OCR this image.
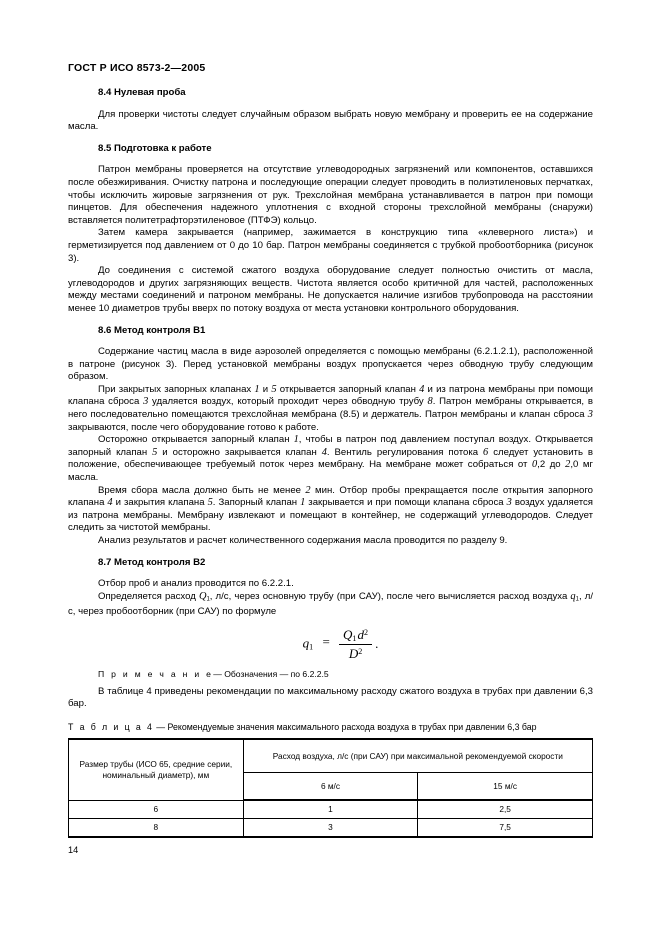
ГОСТ Р ИСО 8573-2—2005
8.4 Нулевая проба

Для проверки чистоты следует случайным образом выбрать новую мембрану и проверить ее на содержание масла.

8.5 Подготовка к работе

Патрон мембраны проверяется на отсутствие углеводородных загрязнений или компонентов, оставшихся после обезжиривания. Очистку патрона и последующие операции следует проводить в полиэтиленовых перчатках, чтобы исключить жировые загрязнения от рук. Трехслойная мембрана устанавливается в патрон при помощи пинцетов. Для обеспечения надежного уплотнения с входной стороны трехслойной мембраны (снаружи) вставляется политетрафторэтиленовое (ПТФЭ) кольцо.

Затем камера закрывается (например, зажимается в конструкцию типа «клеверного листа») и герметизируется под давлением от 0 до 10 бар. Патрон мембраны соединяется с трубкой пробоотборника (рисунок 3).

До соединения с системой сжатого воздуха оборудование следует полностью очистить от масла, углеводородов и других загрязняющих веществ. Чистота является особо критичной для частей, расположенных между местами соединений и патроном мембраны. Не допускается наличие изгибов трубопровода на расстоянии менее 10 диаметров трубы вверх по потоку воздуха от места установки контрольного оборудования.

8.6 Метод контроля В1

Содержание частиц масла в виде аэрозолей определяется с помощью мембраны (6.2.1.2.1), расположенной в патроне (рисунок 3). Перед установкой мембраны воздух пропускается через обводную трубу следующим образом.

При закрытых запорных клапанах 1 и 5 открывается запорный клапан 4 и из патрона мембраны при помощи клапана сброса 3 удаляется воздух, который проходит через обводную трубу 8. Патрон мембраны открывается, в него последовательно помещаются трехслойная мембрана (8.5) и держатель. Патрон мембраны и клапан сброса 3 закрываются, после чего оборудование готово к работе.

Осторожно открывается запорный клапан 1, чтобы в патрон под давлением поступал воздух. Открывается запорный клапан 5 и осторожно закрывается клапан 4. Вентиль регулирования потока 6 следует установить в положение, обеспечивающее требуемый поток через мембрану. На мембране может собраться от 0,2 до 2,0 мг масла.

Время сбора масла должно быть не менее 2 мин. Отбор пробы прекращается после открытия запорного клапана 4 и закрытия клапана 5. Запорный клапан 1 закрывается и при помощи клапана сброса 3 воздух удаляется из патрона мембраны. Мембрану извлекают и помещают в контейнер, не содержащий углеводородов. Следует следить за чистотой мембраны.

Анализ результатов и расчет количественного содержания масла проводится по разделу 9.

8.7 Метод контроля В2

Отбор проб и анализ проводится по 6.2.2.1.

Определяется расход $Q_1$, л/с, через основную трубу (при САУ), после чего вычисляется расход воздуха $q_1$, л/с, через пробоотборник (при САУ) по формуле

$q_1 = \frac{Q_1 d^2}{D^2}$ .

П р и м е ч а н и е— Обозначения — по 6.2.2.5

В таблице 4 приведены рекомендации по максимальному расходу сжатого воздуха в трубах при давлении 6,3 бар.

Т а б л и ц а 4 — Рекомендуемые значения максимального расхода воздуха в трубах при давлении 6,3 бар

Размер трубы (ИСО 65, средние серии, номинальный диаметр), мм	Расход воздуха, л/с (при САУ) при максимальной рекомендуемой скорости	
	6 м/с	15 м/с
6	1	2,5
8	3	7,5
14
